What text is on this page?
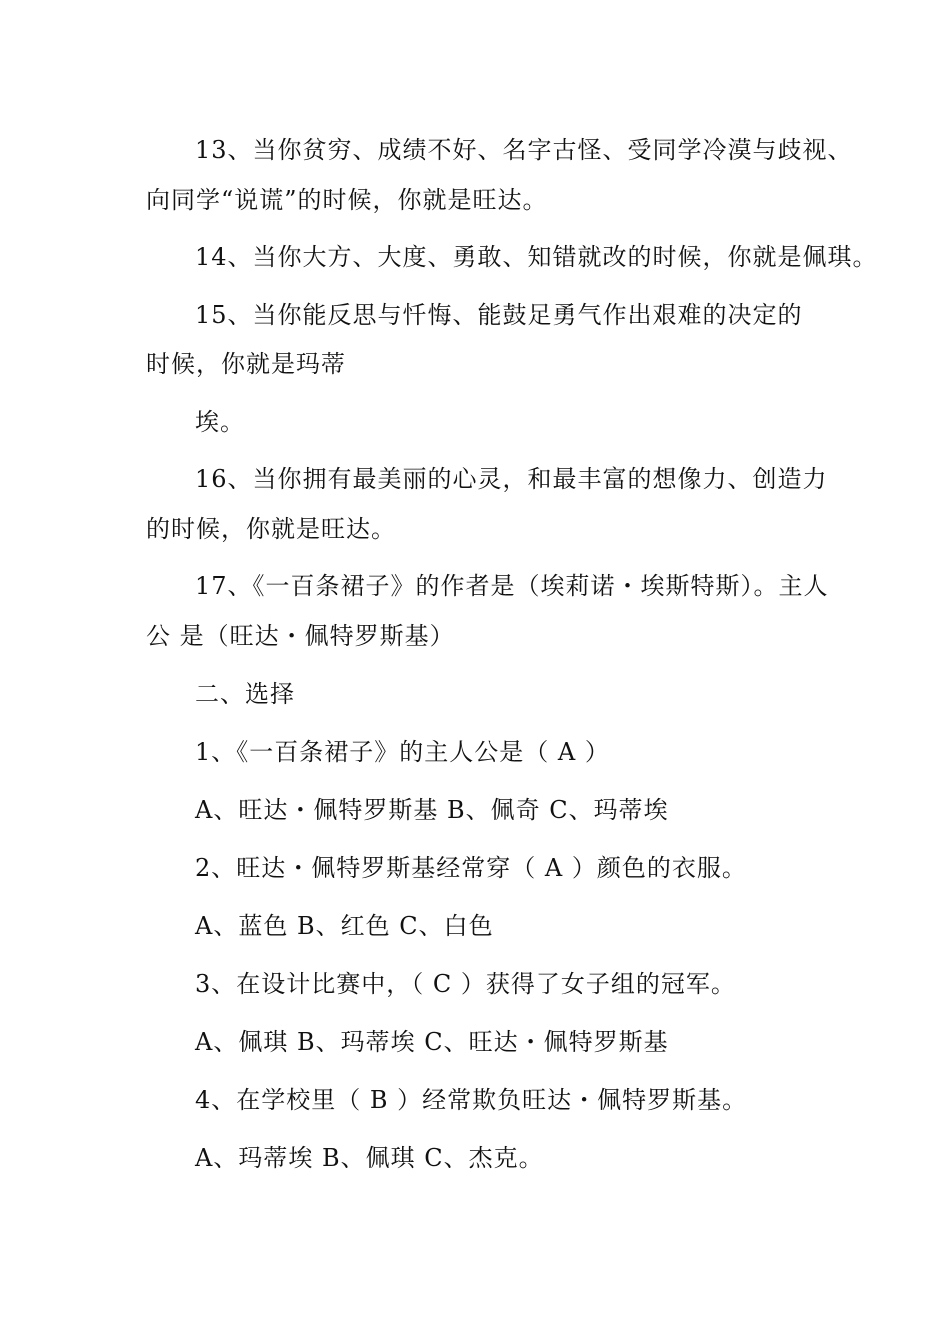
13、当你贫穷、成绩不好、名字古怪、受同学冷漠与歧视、
向同学“说谎”的时候，你就是旺达。
14、当你大方、大度、勇敢、知错就改的时候，你就是佩琪。
15、当你能反思与忏悔、能鼓足勇气作出艰难的决定的
时候，你就是玛蒂
埃。
16、当你拥有最美丽的心灵，和最丰富的想像力、创造力
的时候，你就是旺达。
17、《一百条裙子》的作者是（埃莉诺・埃斯特斯）。主人
公 是（旺达・佩特罗斯基）
二、选择
1、《一百条裙子》的主人公是（ A ）
A、旺达・佩特罗斯基 B、佩奇 C、玛蒂埃
2、旺达・佩特罗斯基经常穿（ A ）颜色的衣服。
A、蓝色 B、红色 C、白色
3、在设计比赛中，（ C ）获得了女子组的冠军。
A、佩琪 B、玛蒂埃 C、旺达・佩特罗斯基
4、在学校里（ B ）经常欺负旺达・佩特罗斯基。
A、玛蒂埃 B、佩琪 C、杰克。
